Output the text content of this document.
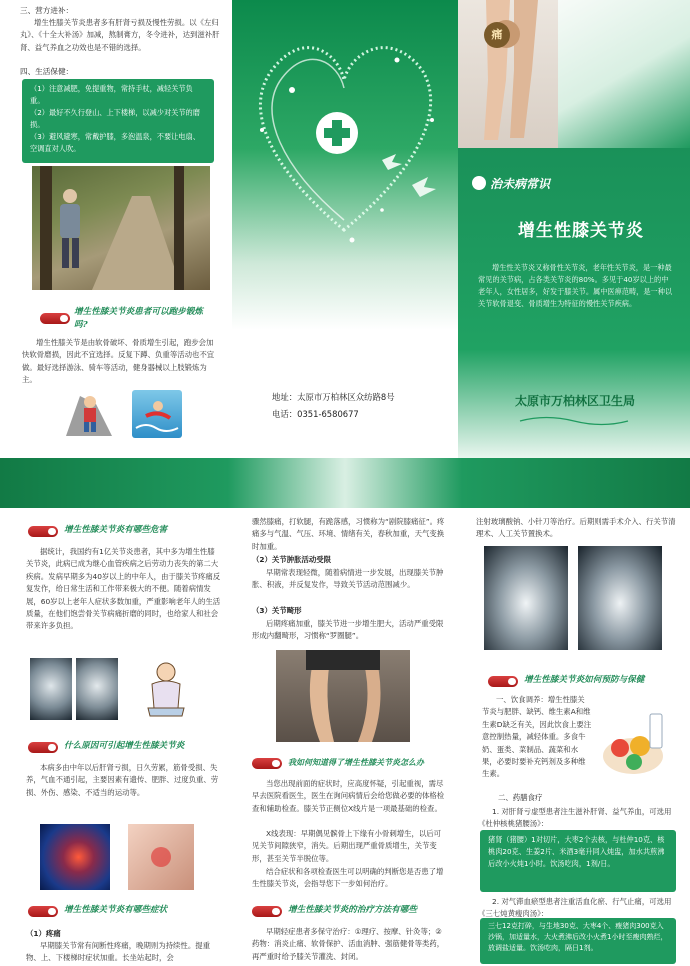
三、营方进补：

增生性膝关节炎患者多有肝肾亏损及慢性劳损。以《左归丸》、《十全大补汤》加减，熬制膏方，冬令进补，达到滋补肝肾、益气养血之功效也是不错的选择。

四、生活保健：

（1）注意减肥，免提重物，常持手杖，减轻关节负重。

（2）最好不久行登山、上下楼梯，以减少对关节的磨损。

（3）避风避寒，常戴护膝，多泡温泉，不要让电扇、空调直对人吹。

增生性膝关节炎患者可以跑步锻炼吗?

增生性膝关节是由软骨破坏、骨质增生引起，跑步会加快软骨磨损，因此不宜选择。反复下蹲、负重等活动也不宜做。最好选择游泳、骑车等活动，健身器械以上肢锻炼为主。

地址：太原市万柏林区众纺路8号
电话：0351-6580677
痛
治未病常识
增生性膝关节炎

增生性关节炎又称骨性关节炎，老年性关节炎，是一种最常见的关节病，占各类关节炎的80%。多见于40岁以上的中老年人，女性居多，好发于膝关节。属中医痹范畴，是一种以关节软骨退变、骨质增生为特征的慢性关节疾病。

太原市万柏林区卫生局
增生性膝关节炎有哪些危害

据统计，我国约有1亿关节炎患者，其中多为增生性膝关节炎，此病已成为继心血管疾病之后劳动力丧失的第二大疾病。发病早期多为40岁以上的中年人，由于膝关节疼痛反复发作，给日常生活和工作带来极大的不便。随着病情发展，60岁以上老年人症状多数加重，严重影响老年人的生活质量，在他们饱尝骨关节病痛折磨的同时，也给家人和社会带来许多负担。

什么原因可引起增生性膝关节炎

本病多由中年以后肝肾亏损，日久劳累，筋骨受损、失养，气血不通引起，主要因素有遗传、肥胖、过度负重、劳损、外伤、感染、不适当的运动等。

增生性膝关节炎有哪些症状
（1）疼痛

早期膝关节常有间断性疼痛，晚期则为持续性。提重物、上、下楼梯时症状加重。长坐站起时，会

骤然膝痛，打软腿，有跪落感，习惯称为“剧院膝痛征”。疼痛多与气温、气压、环境、情绪有关，春秋加重，天气变换时加重。

（2）关节肿胀活动受限

早期常表现轻微，随着病情进一步发展，出现膝关节肿胀、积液，并反复发作，导致关节活动范围减少。

（3）关节畸形

后期疼痛加重，膝关节进一步增生肥大，活动严重受限形成内翻畸形，习惯称“罗圈腿”。

我如何知道得了增生性膝关节炎怎么办

当您出现前面的症状时，应高度怀疑，引起重视，需尽早去医院看医生，医生在询问病情后会给您做必要的体格检查和辅助检查。膝关节正侧位X线片是一项最基础的检查。

X线表现：早期偶见髌骨上下缘有小骨刺增生，以后可见关节间隙狭窄，消失。后期出现严重骨质增生，关节变形，甚至关节半脱位等。

结合症状和各项检查医生可以明确的判断您是否患了增生性膝关节炎，会指导您下一步如何治疗。

增生性膝关节炎的治疗方法有哪些

早期轻症患者多保守治疗：①理疗、按摩、针灸等；②药物：消炎止痛、软骨保护、活血消肿、强筋健骨等类药，再严重时给予膝关节灌洗、封闭。

注射玻璃酸钠、小针刀等治疗。后期则需手术介入、行关节清理术、人工关节置换术。

增生性膝关节炎如何预防与保健

一、饮食调养：增生性膝关节炎与肥胖、缺钙、维生素A和维生素D缺乏有关，因此饮食上要注意控制热量，减轻体重。多食牛奶、蛋类、菜制品、蔬菜和水果，必要时要补充钙剂及多种维生素。

二、药膳食疗

1. 对肝肾亏虚型患者注生滋补肝肾、益气养血，可选用《杜仲核桃猪腰汤》：

猪肾（猪腰）1对切片，大枣2个去核，与杜仲10克、核桃肉20克、生姜2片、米酒3毫升同入炖盅，加水共煎沸后改小火炖1小时。饮汤吃肉，1剂/日。

2. 对气滞血瘀型患者注重活血化瘀、行气止痛，可选用《三七炖黄瘦肉汤》：

三七12克打碎，与生地30克、大枣4个、瘦猪肉300克入沙锅，加适量水，大火煮沸后改小火煮1小时至瘦肉熟烂，放调盐适量。饮汤吃肉，隔日1剂。
